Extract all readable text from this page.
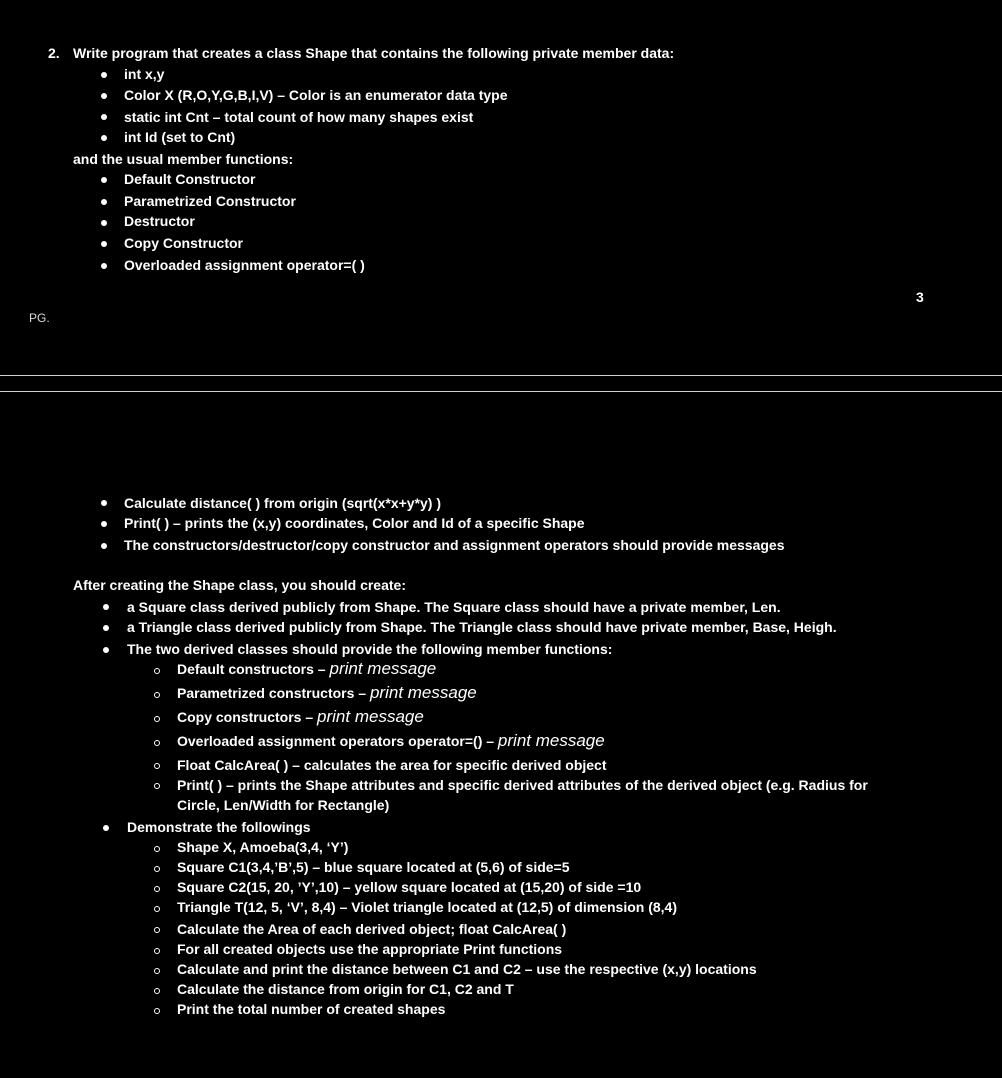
2. Write program that creates a class Shape that contains the following private member data:
int x,y
Color X (R,O,Y,G,B,I,V) – Color is an enumerator data type
static int Cnt – total count of how many shapes exist
int Id (set to Cnt)
and the usual member functions:
Default Constructor
Parametrized Constructor
Destructor
Copy Constructor
Overloaded assignment operator=( )
3
PG.
Calculate distance( ) from origin (sqrt(x*x+y*y) )
Print( ) – prints the (x,y) coordinates, Color and Id of a specific Shape
The constructors/destructor/copy constructor and assignment operators should provide messages
After creating the Shape class, you should create:
a Square class derived publicly from Shape. The Square class should have a private member, Len.
a Triangle class derived publicly from Shape. The Triangle class should have private member, Base, Heigh.
The two derived classes should provide the following member functions:
Default constructors – print message
Parametrized constructors – print message
Copy constructors – print message
Overloaded assignment operators operator=() – print message
Float CalcArea( ) – calculates the area for specific derived object
Print( ) – prints the Shape attributes and specific derived attributes of the derived object (e.g. Radius for
Circle, Len/Width for Rectangle)
Demonstrate the followings
Shape X, Amoeba(3,4, ‘Y’)
Square C1(3,4,’B’,5) – blue square located at (5,6) of side=5
Square C2(15, 20, ’Y’,10) – yellow square located at (15,20) of side =10
Triangle T(12, 5, ‘V’, 8,4) – Violet triangle located at (12,5) of dimension (8,4)
Calculate the Area of each derived object; float CalcArea( )
For all created objects use the appropriate Print functions
Calculate and print the distance between C1 and C2 – use the respective (x,y) locations
Calculate the distance from origin for C1, C2 and T
Print the total number of created shapes
